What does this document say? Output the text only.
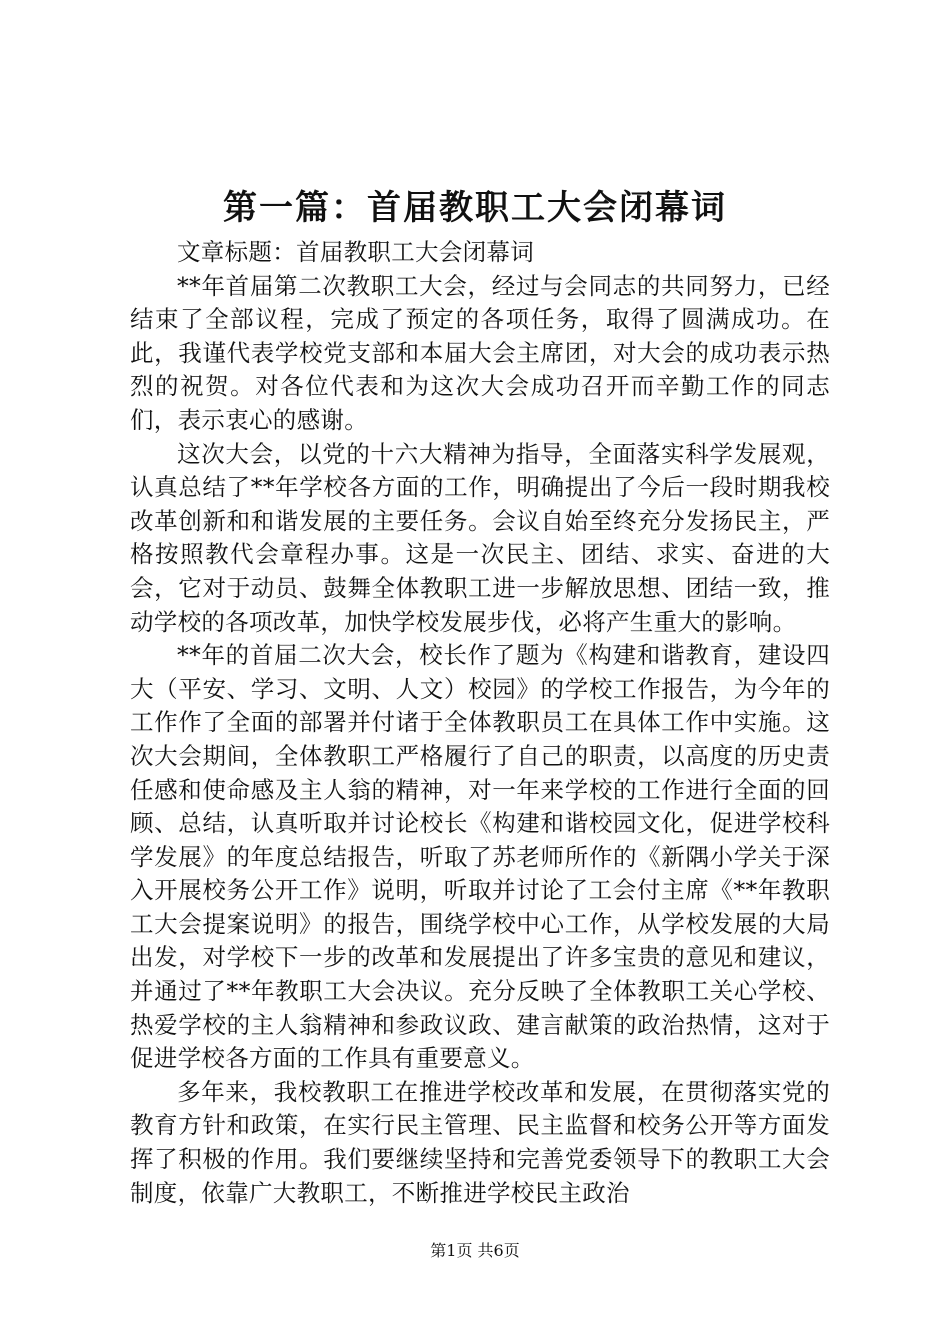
第一篇：首届教职工大会闭幕词

文章标题：首届教职工大会闭幕词

**年首届第二次教职工大会，经过与会同志的共同努力，已经结束了全部议程，完成了预定的各项任务，取得了圆满成功。在此，我谨代表学校党支部和本届大会主席团，对大会的成功表示热烈的祝贺。对各位代表和为这次大会成功召开而辛勤工作的同志们，表示衷心的感谢。

这次大会，以党的十六大精神为指导，全面落实科学发展观，认真总结了**年学校各方面的工作，明确提出了今后一段时期我校改革创新和和谐发展的主要任务。会议自始至终充分发扬民主，严格按照教代会章程办事。这是一次民主、团结、求实、奋进的大会，它对于动员、鼓舞全体教职工进一步解放思想、团结一致，推动学校的各项改革，加快学校发展步伐，必将产生重大的影响。

**年的首届二次大会，校长作了题为《构建和谐教育，建设四大（平安、学习、文明、人文）校园》的学校工作报告，为今年的工作作了全面的部署并付诸于全体教职员工在具体工作中实施。这次大会期间，全体教职工严格履行了自己的职责，以高度的历史责任感和使命感及主人翁的精神，对一年来学校的工作进行全面的回顾、总结，认真听取并讨论校长《构建和谐校园文化，促进学校科学发展》的年度总结报告，听取了苏老师所作的《新隅小学关于深入开展校务公开工作》说明，听取并讨论了工会付主席《**年教职工大会提案说明》的报告，围绕学校中心工作，从学校发展的大局出发，对学校下一步的改革和发展提出了许多宝贵的意见和建议，并通过了**年教职工大会决议。充分反映了全体教职工关心学校、热爱学校的主人翁精神和参政议政、建言献策的政治热情，这对于促进学校各方面的工作具有重要意义。

多年来，我校教职工在推进学校改革和发展，在贯彻落实党的教育方针和政策，在实行民主管理、民主监督和校务公开等方面发挥了积极的作用。我们要继续坚持和完善党委领导下的教职工大会制度，依靠广大教职工，不断推进学校民主政治

第1页 共6页
